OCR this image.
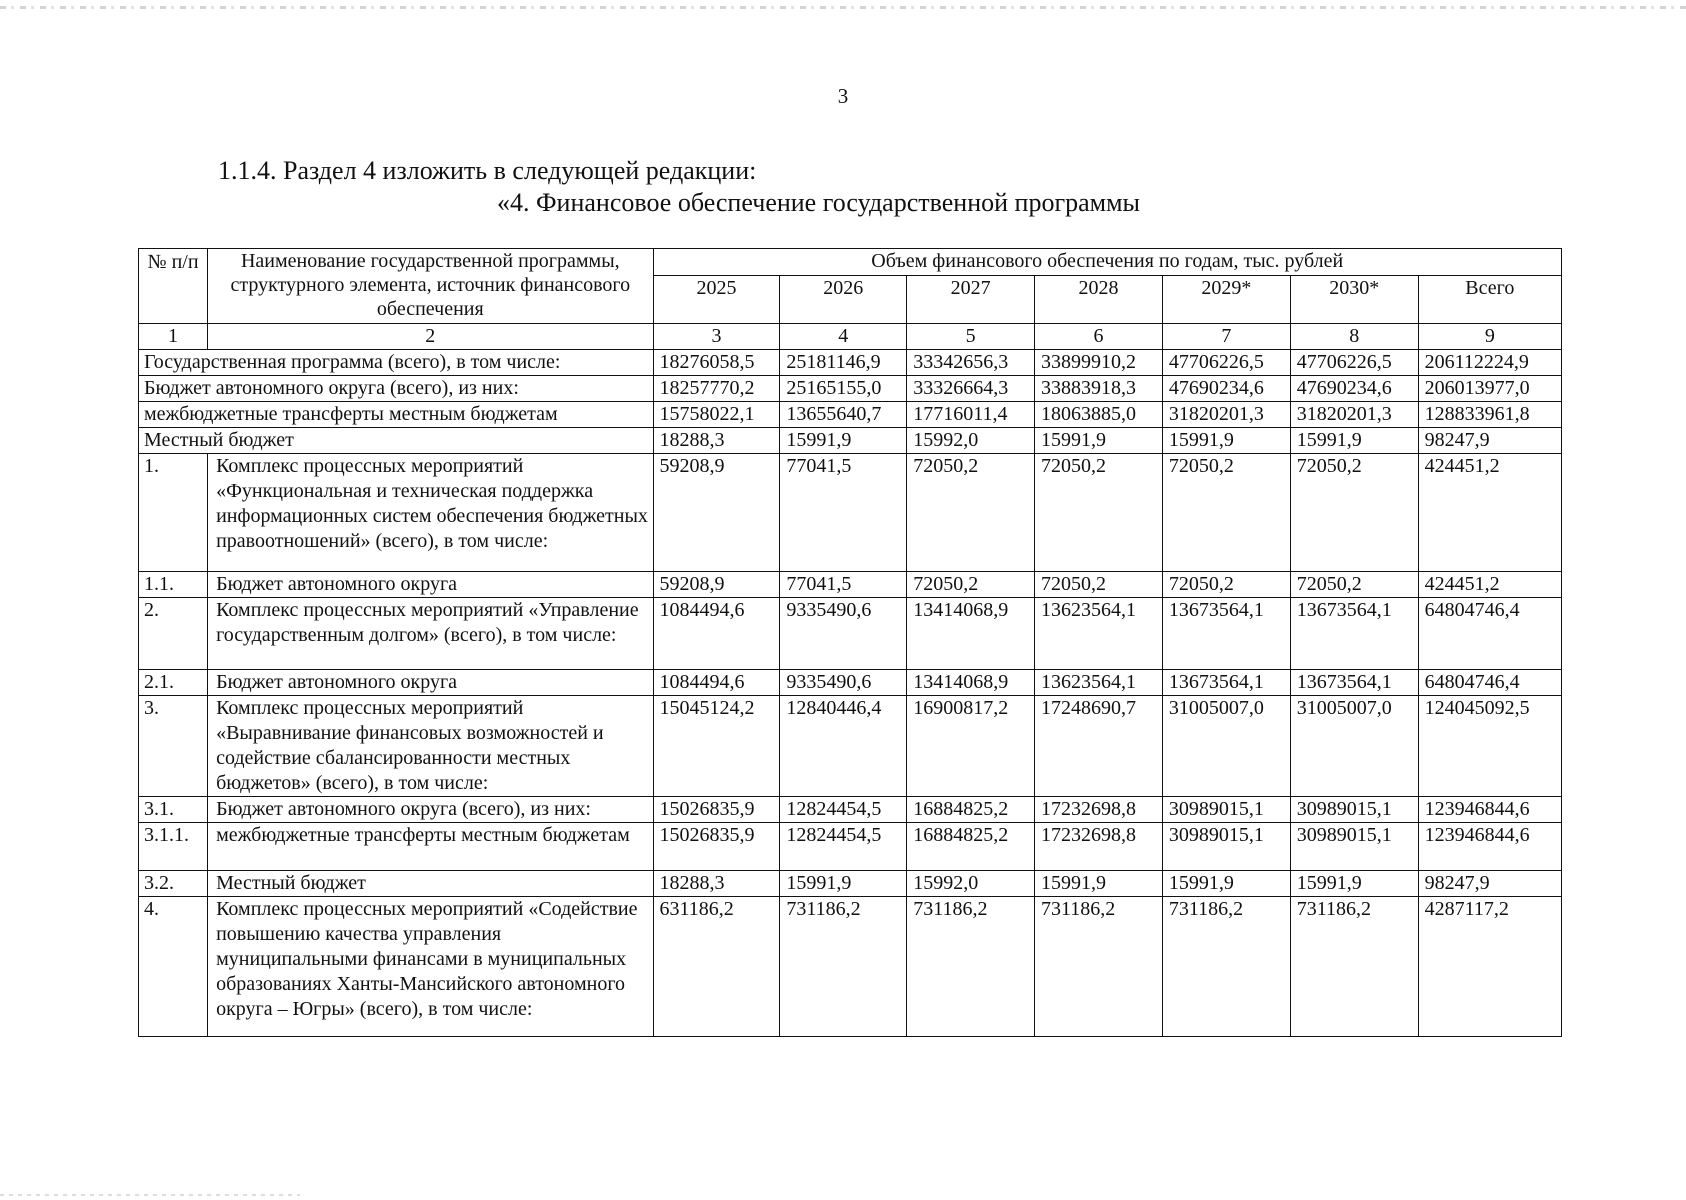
3
1.1.4. Раздел 4 изложить в следующей редакции:
«4. Финансовое обеспечение государственной программы
№ п/п	Наименование государственной программы, структурного элемента, источник финансового обеспечения	Объем финансового обеспечения по годам, тыс. рублей						
		2025	2026	2027	2028	2029*	2030*	Всего
1	2	3	4	5	6	7	8	9
Государственная программа (всего), в том числе:		18276058,5	25181146,9	33342656,3	33899910,2	47706226,5	47706226,5	206112224,9
Бюджет автономного округа (всего), из них:		18257770,2	25165155,0	33326664,3	33883918,3	47690234,6	47690234,6	206013977,0
межбюджетные трансферты местным бюджетам		15758022,1	13655640,7	17716011,4	18063885,0	31820201,3	31820201,3	128833961,8
Местный бюджет		18288,3	15991,9	15992,0	15991,9	15991,9	15991,9	98247,9
1.	Комплекс процессных мероприятий «Функциональная и техническая поддержка информационных систем обеспечения бюджетных правоотношений» (всего), в том числе:	59208,9	77041,5	72050,2	72050,2	72050,2	72050,2	424451,2
1.1.	Бюджет автономного округа	59208,9	77041,5	72050,2	72050,2	72050,2	72050,2	424451,2
2.	Комплекс процессных мероприятий «Управление государственным долгом» (всего), в том числе:	1084494,6	9335490,6	13414068,9	13623564,1	13673564,1	13673564,1	64804746,4
2.1.	Бюджет автономного округа	1084494,6	9335490,6	13414068,9	13623564,1	13673564,1	13673564,1	64804746,4
3.	Комплекс процессных мероприятий «Выравнивание финансовых возможностей и содействие сбалансированности местных бюджетов» (всего), в том числе:	15045124,2	12840446,4	16900817,2	17248690,7	31005007,0	31005007,0	124045092,5
3.1.	Бюджет автономного округа (всего), из них:	15026835,9	12824454,5	16884825,2	17232698,8	30989015,1	30989015,1	123946844,6
3.1.1.	межбюджетные трансферты местным бюджетам	15026835,9	12824454,5	16884825,2	17232698,8	30989015,1	30989015,1	123946844,6
3.2.	Местный бюджет	18288,3	15991,9	15992,0	15991,9	15991,9	15991,9	98247,9
4.	Комплекс процессных мероприятий «Содействие повышению качества управления муниципальными финансами в муниципальных образованиях Ханты-Мансийского автономного округа – Югры» (всего), в том числе:	631186,2	731186,2	731186,2	731186,2	731186,2	731186,2	4287117,2
